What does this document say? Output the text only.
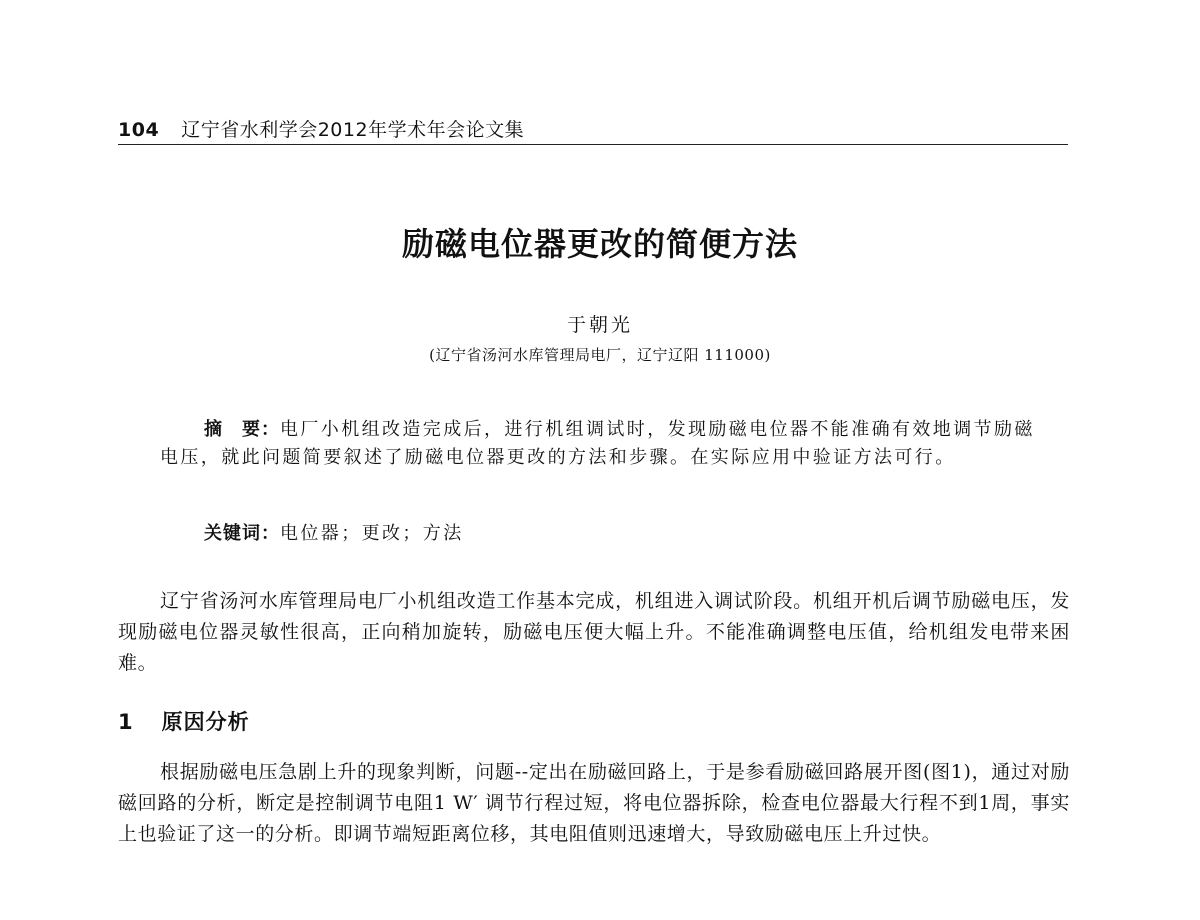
104 辽宁省水利学会2012年学术年会论文集
励磁电位器更改的简便方法
于朝光
(辽宁省汤河水库管理局电厂，辽宁辽阳 111000)
摘　要：电厂小机组改造完成后，进行机组调试时，发现励磁电位器不能准确有效地调节励磁电压，就此问题简要叙述了励磁电位器更改的方法和步骤。在实际应用中验证方法可行。
关键词：电位器；更改；方法
辽宁省汤河水库管理局电厂小机组改造工作基本完成，机组进入调试阶段。机组开机后调节励磁电压，发现励磁电位器灵敏性很高，正向稍加旋转，励磁电压便大幅上升。不能准确调整电压值，给机组发电带来困难。
1 原因分析
根据励磁电压急剧上升的现象判断，问题--定出在励磁回路上，于是参看励磁回路展开图(图1)，通过对励磁回路的分析，断定是控制调节电阻1 W′ 调节行程过短，将电位器拆除，检查电位器最大行程不到1周，事实上也验证了这一的分析。即调节端短距离位移，其电阻值则迅速增大，导致励磁电压上升过快。
